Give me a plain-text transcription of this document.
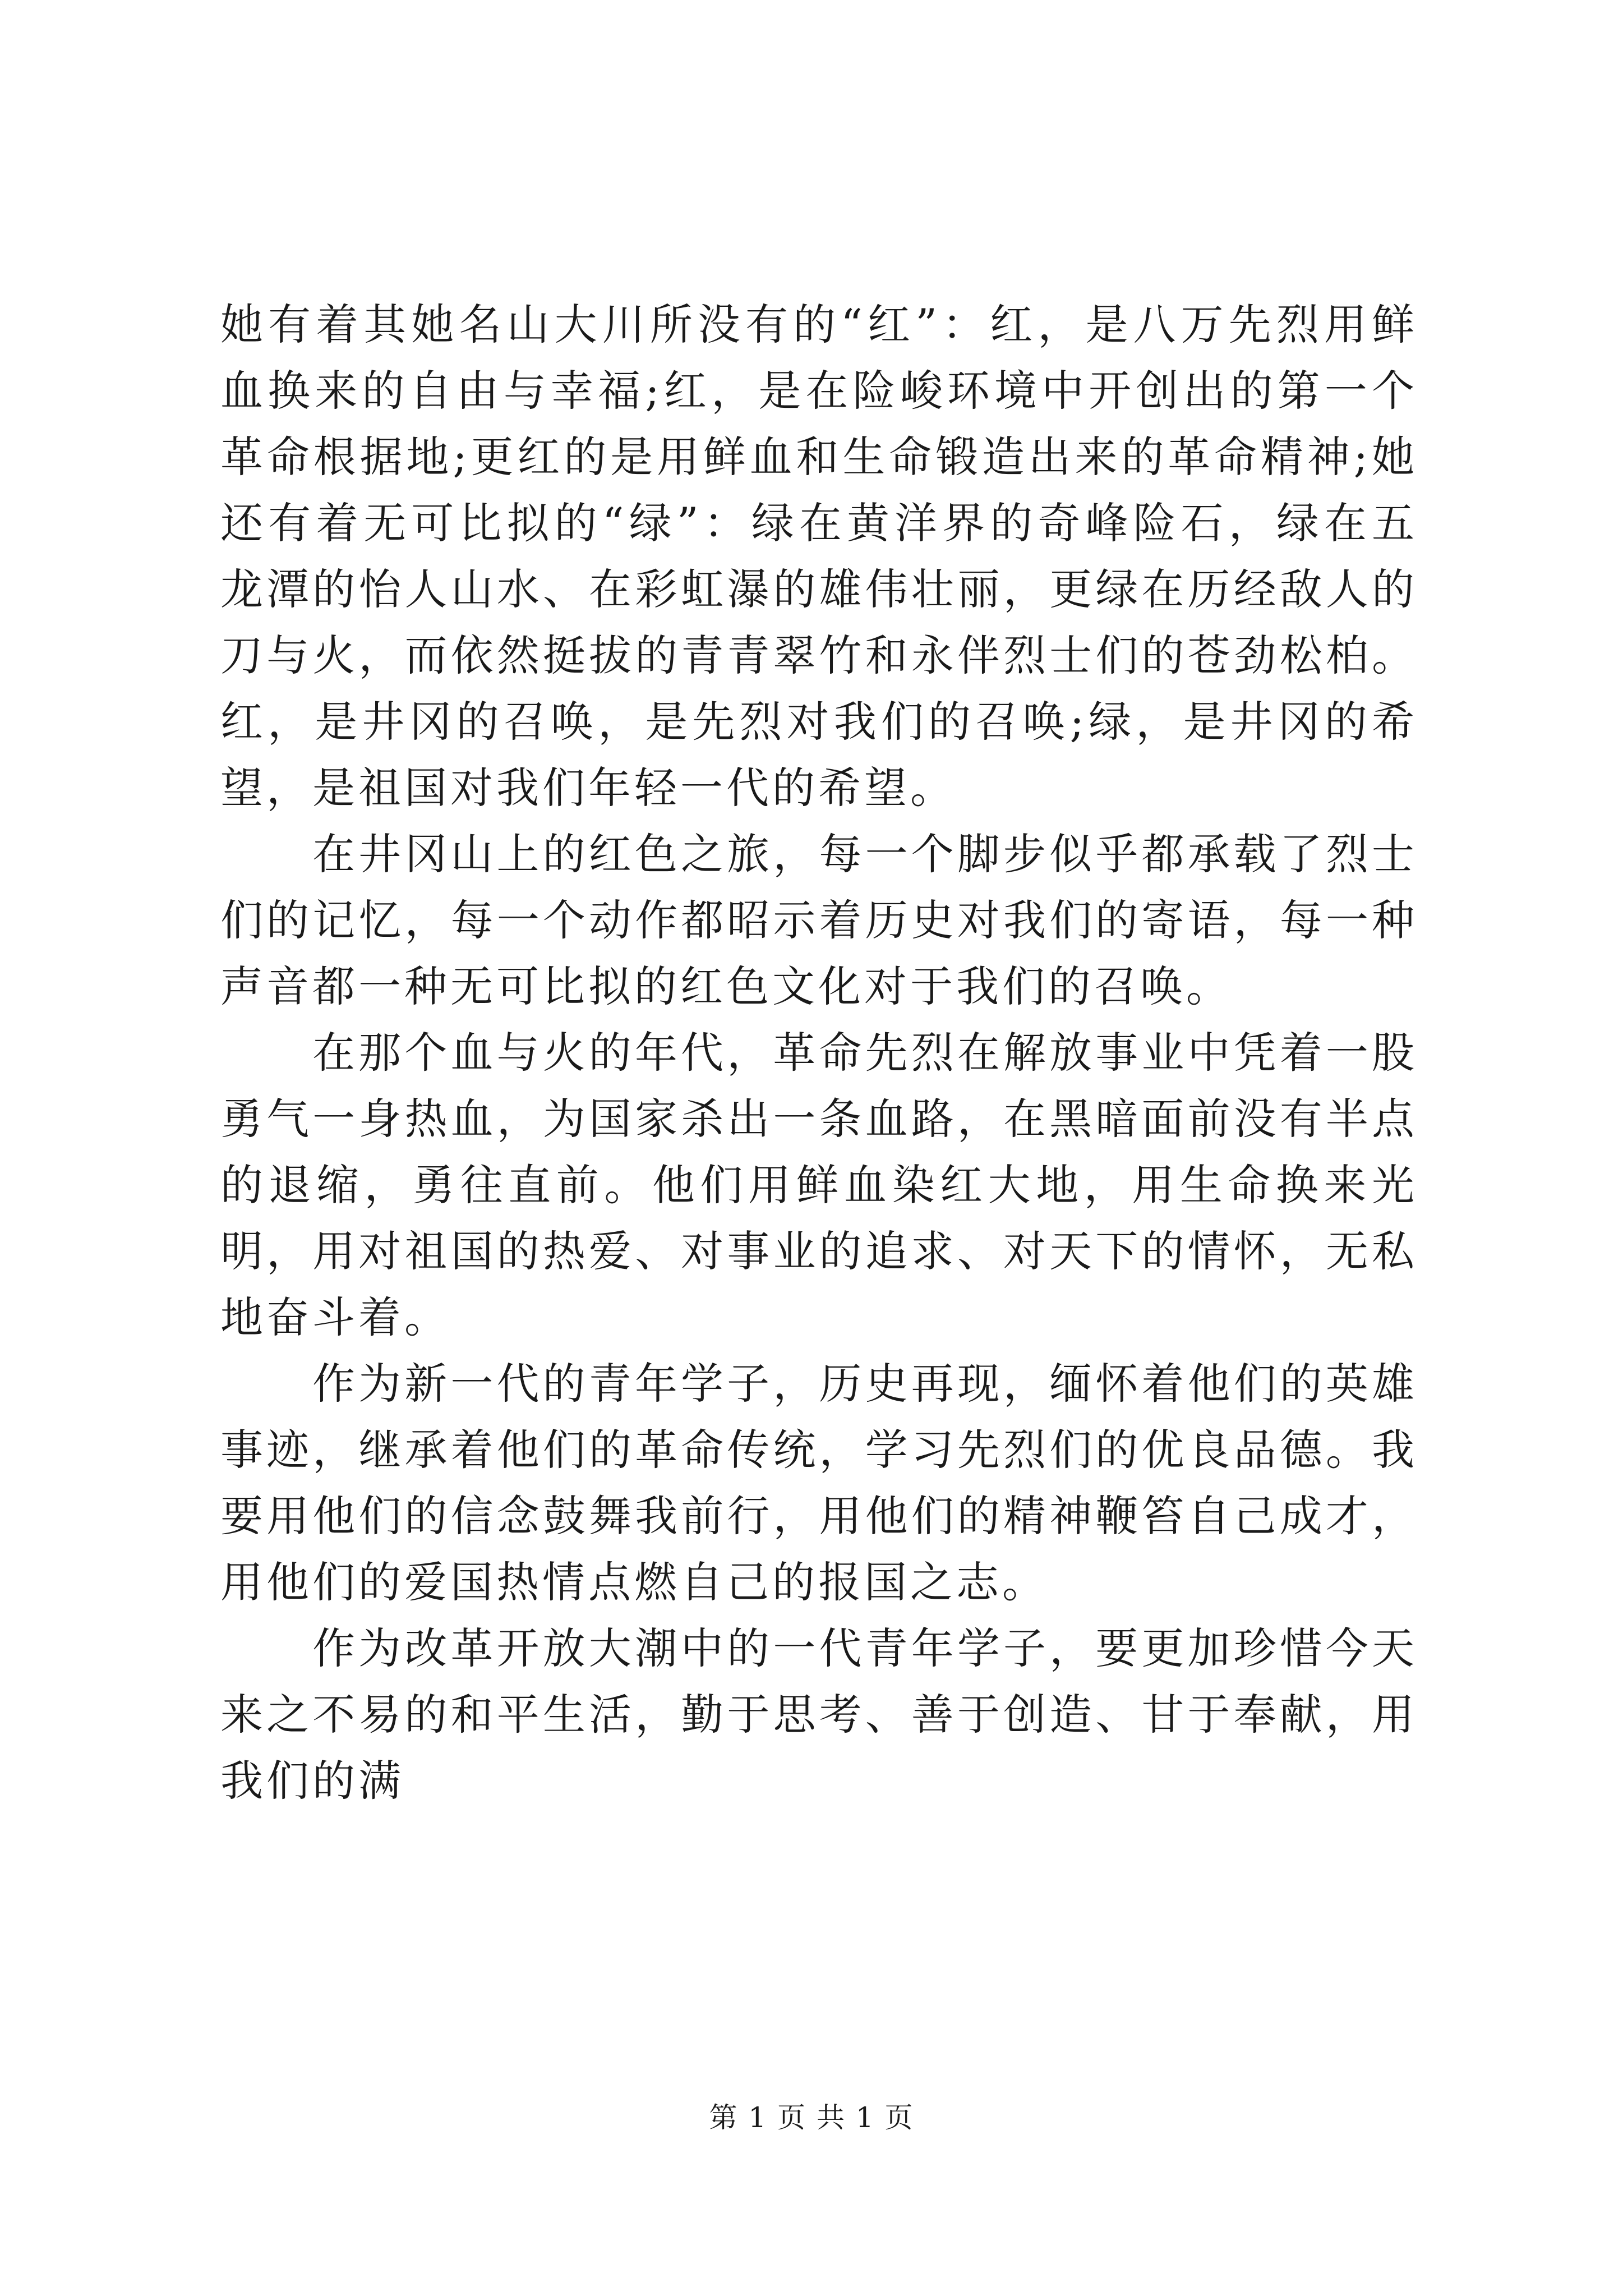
她有着其她名山大川所没有的“红”：红，是八万先烈用鲜血换来的自由与幸福;红，是在险峻环境中开创出的第一个革命根据地;更红的是用鲜血和生命锻造出来的革命精神;她还有着无可比拟的“绿”：绿在黄洋界的奇峰险石，绿在五龙潭的怡人山水、在彩虹瀑的雄伟壮丽，更绿在历经敌人的刀与火，而依然挺拔的青青翠竹和永伴烈士们的苍劲松柏。红，是井冈的召唤，是先烈对我们的召唤;绿，是井冈的希望，是祖国对我们年轻一代的希望。

在井冈山上的红色之旅，每一个脚步似乎都承载了烈士们的记忆，每一个动作都昭示着历史对我们的寄语，每一种声音都一种无可比拟的红色文化对于我们的召唤。

在那个血与火的年代，革命先烈在解放事业中凭着一股勇气一身热血，为国家杀出一条血路，在黑暗面前没有半点的退缩，勇往直前。他们用鲜血染红大地，用生命换来光明，用对祖国的热爱、对事业的追求、对天下的情怀，无私地奋斗着。

作为新一代的青年学子，历史再现，缅怀着他们的英雄事迹，继承着他们的革命传统，学习先烈们的优良品德。我要用他们的信念鼓舞我前行，用他们的精神鞭笞自己成才，用他们的爱国热情点燃自己的报国之志。

作为改革开放大潮中的一代青年学子，要更加珍惜今天来之不易的和平生活，勤于思考、善于创造、甘于奉献，用我们的满

第 1 页 共 1 页
